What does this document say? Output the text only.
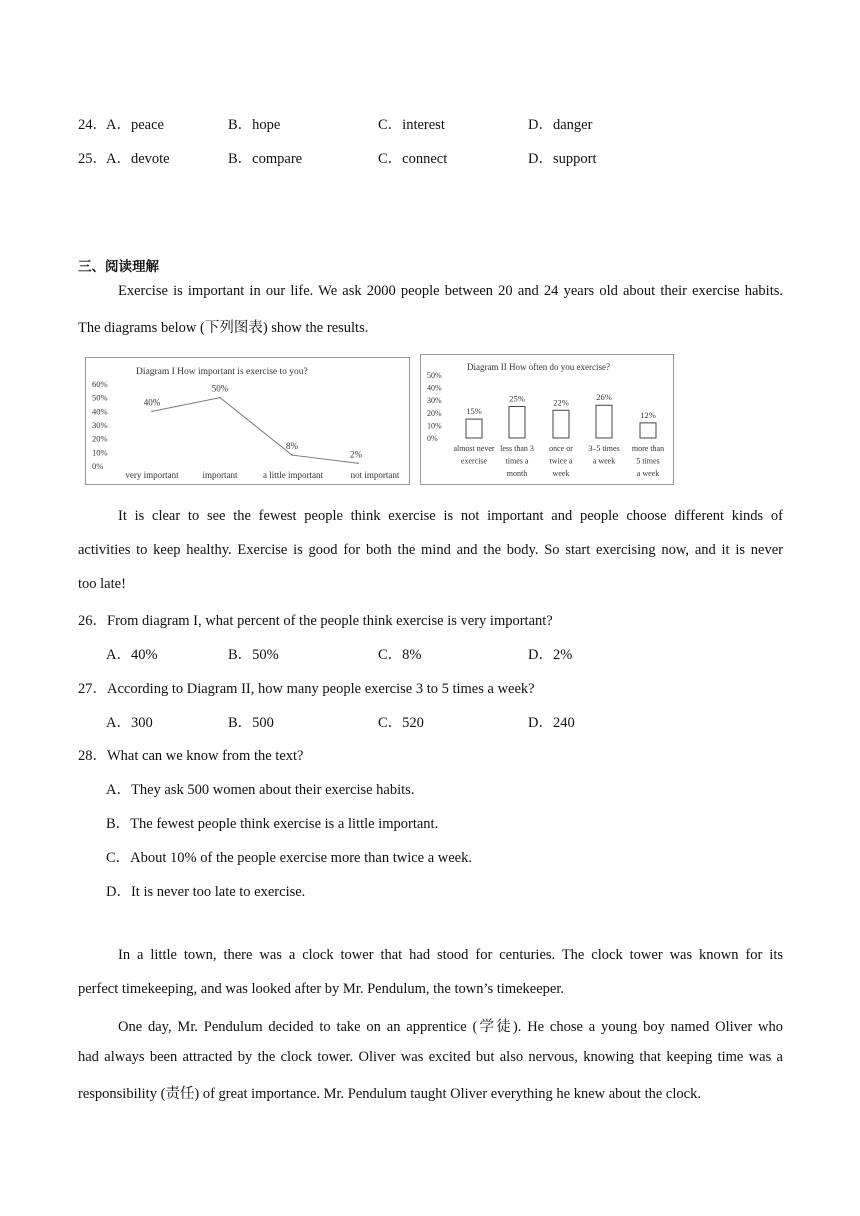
24． A．peace	B．hope	C．interest	D．danger
25． A．devote	B．compare	C．connect	D．support
三、阅读理解
Exercise is important in our life. We ask 2000 people between 20 and 24 years old about their exercise habits.
The diagrams below (下列图表) show the results.
Diagram I How important is exercise to you?
60%
50%
40%
30%
20%
10%
0%
40%
50%
8%
2%
very important	important	a little important	not important
Diagram II How often do you exercise?
50%
40%
30%
20%
10%
0%
15%
25%	22%
26%
12%
almost never
exercise
less than 3
times a
month
once or
twice a
week
3–5 times
a week
more than
5 times
a week
It is clear to see the fewest people think exercise is not important and people choose different kinds of
activities to keep healthy. Exercise is good for both the mind and the body. So start exercising now, and it is never
too late!
26．From diagram I, what percent of the people think exercise is very important?
A．40%	B．50%	C．8%	D．2%
27．According to Diagram II, how many people exercise 3 to 5 times a week?
A．300	B．500	C．520	D．240
28．What can we know from the text?
A．They ask 500 women about their exercise habits.
B．The fewest people think exercise is a little important.
C．About 10% of the people exercise more than twice a week.
D．It is never too late to exercise.
In a little town, there was a clock tower that had stood for centuries. The clock tower was known for its
perfect timekeeping, and was looked after by Mr. Pendulum, the town’s timekeeper.
One day, Mr. Pendulum decided to take on an apprentice (学徒). He chose a young boy named Oliver who
had always been attracted by the clock tower. Oliver was excited but also nervous, knowing that keeping time was a
responsibility (责任) of great importance. Mr. Pendulum taught Oliver everything he knew about the clock.
